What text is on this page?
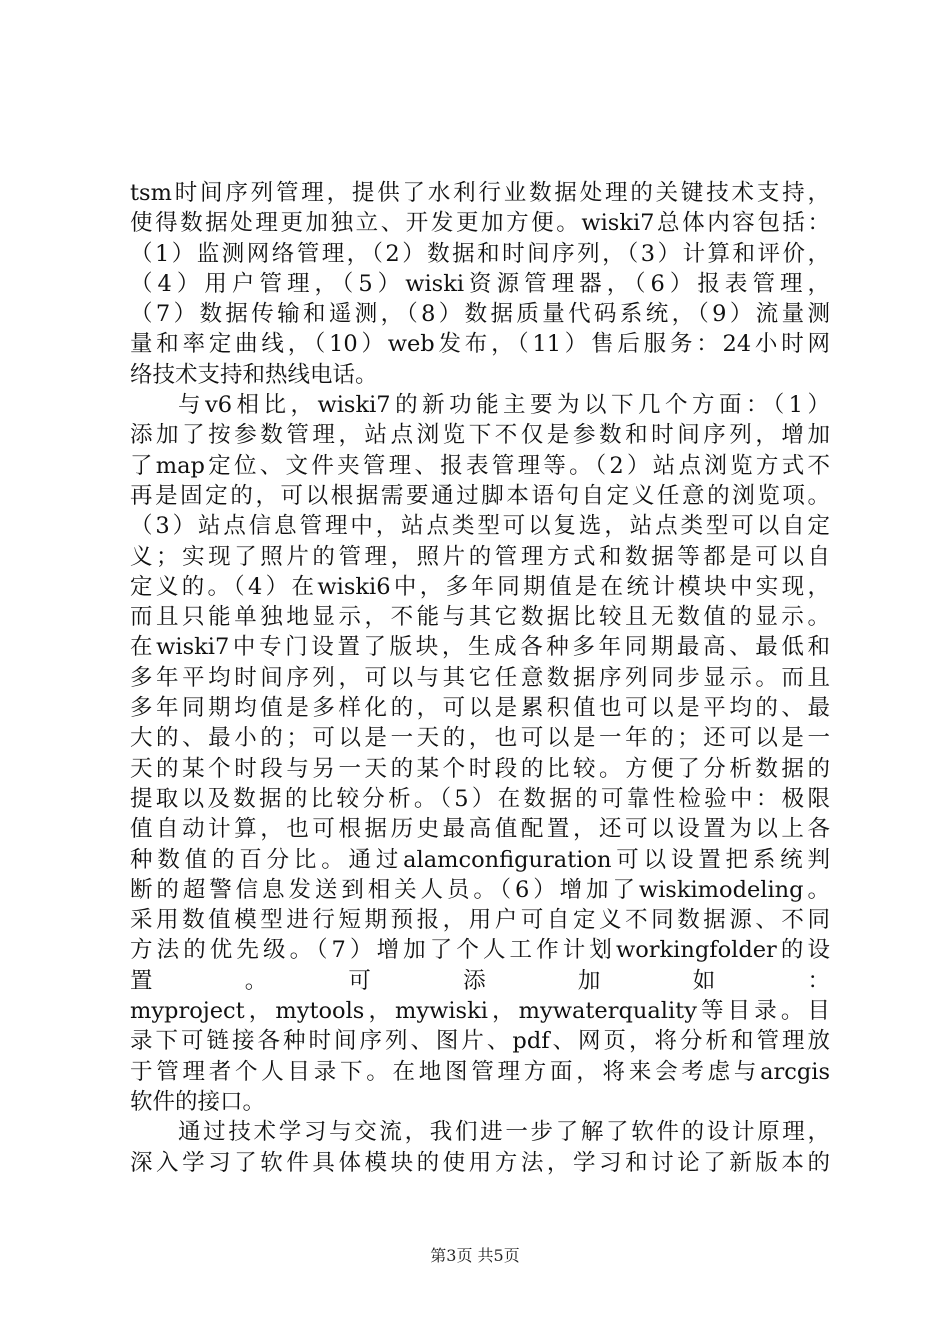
tsm时间序列管理，提供了水利行业数据处理的关键技术支持，
使得数据处理更加独立、开发更加方便。wiski7总体内容包括：
（1）监测网络管理，（2）数据和时间序列，（3）计算和评价，
（4）用户管理，（5）wiski资源管理器，（6）报表管理，
（7）数据传输和遥测，（8）数据质量代码系统，（9）流量测
量和率定曲线，（10）web发布，（11）售后服务：24小时网
络技术支持和热线电话。
与v6相比，wiski7的新功能主要为以下几个方面：（1）
添加了按参数管理，站点浏览下不仅是参数和时间序列，增加
了map定位、文件夹管理、报表管理等。（2）站点浏览方式不
再是固定的，可以根据需要通过脚本语句自定义任意的浏览项。
（3）站点信息管理中，站点类型可以复选，站点类型可以自定
义；实现了照片的管理，照片的管理方式和数据等都是可以自
定义的。（4）在wiski6中，多年同期值是在统计模块中实现，
而且只能单独地显示，不能与其它数据比较且无数值的显示。
在wiski7中专门设置了版块，生成各种多年同期最高、最低和
多年平均时间序列，可以与其它任意数据序列同步显示。而且
多年同期均值是多样化的，可以是累积值也可以是平均的、最
大的、最小的；可以是一天的，也可以是一年的；还可以是一
天的某个时段与另一天的某个时段的比较。方便了分析数据的
提取以及数据的比较分析。（5）在数据的可靠性检验中：极限
值自动计算，也可根据历史最高值配置，还可以设置为以上各
种数值的百分比。通过alamconfiguration可以设置把系统判
断的超警信息发送到相关人员。（6）增加了wiskimodeling。
采用数值模型进行短期预报，用户可自定义不同数据源、不同
方法的优先级。（7）增加了个人工作计划workingfolder的设
置　。　可　添　加　如　：
myproject，mytools，mywiski，mywaterquality等目录。目
录下可链接各种时间序列、图片、pdf、网页，将分析和管理放
于管理者个人目录下。在地图管理方面，将来会考虑与arcgis
软件的接口。
通过技术学习与交流，我们进一步了解了软件的设计原理，
深入学习了软件具体模块的使用方法，学习和讨论了新版本的
第3页 共5页
